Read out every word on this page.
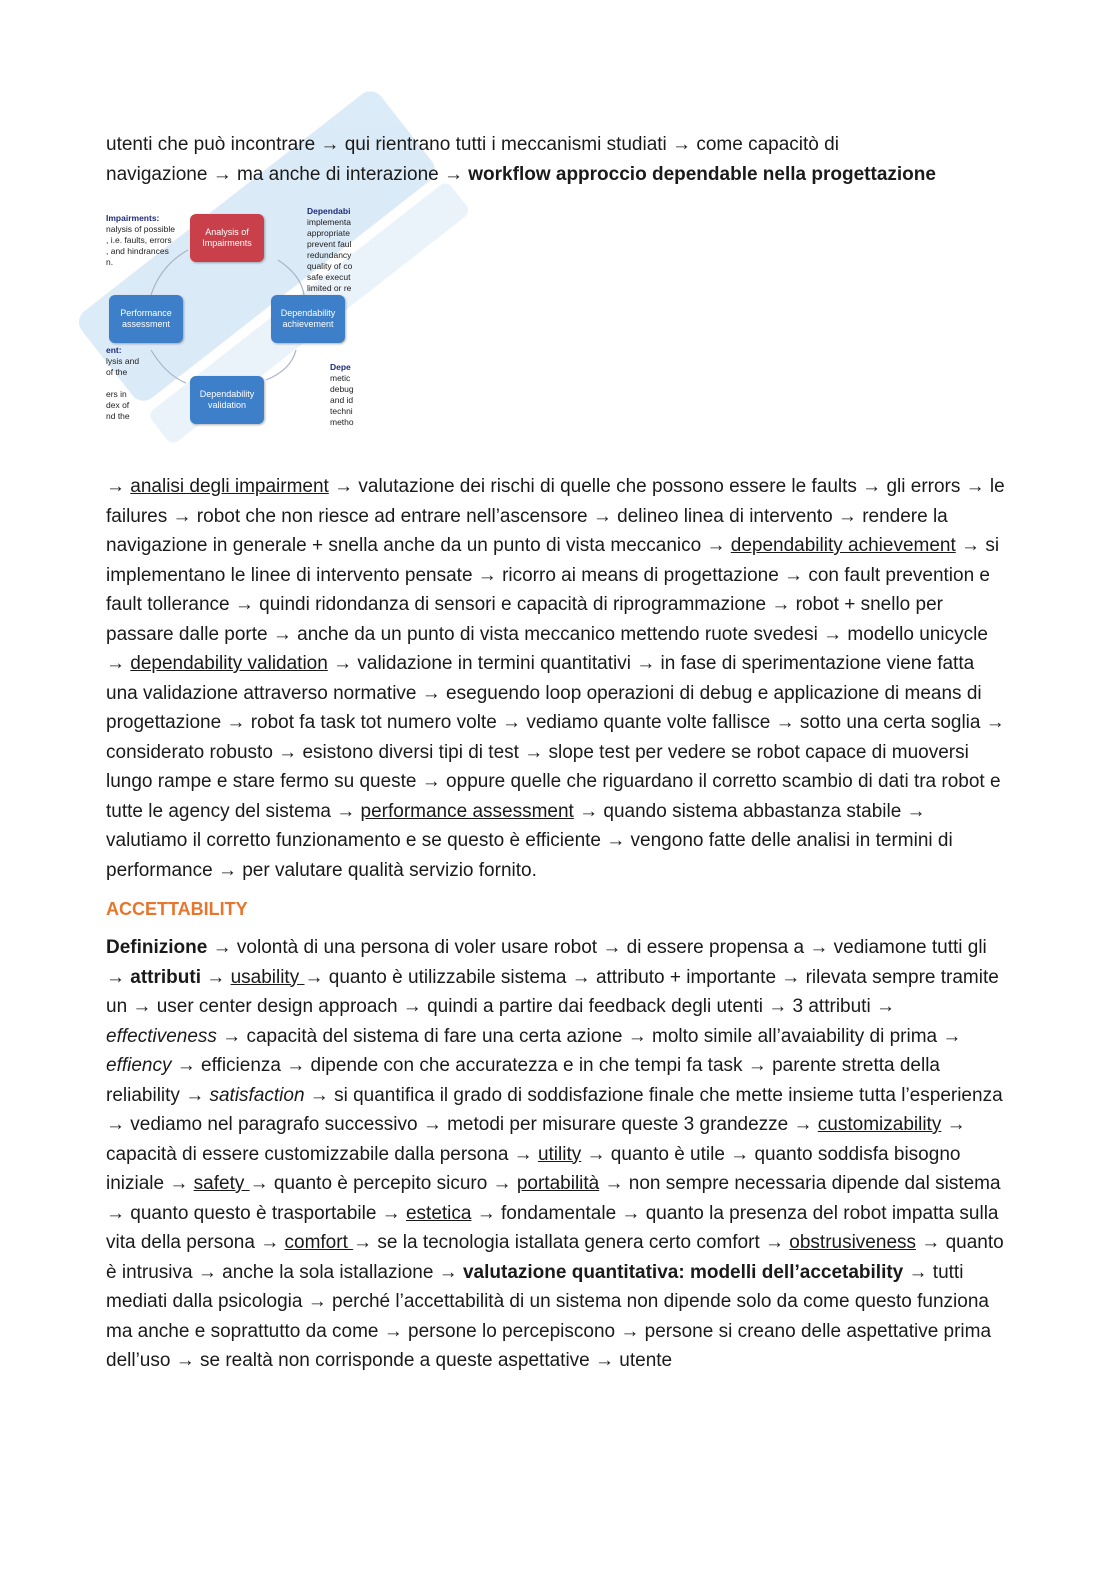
utenti che può incontrare → qui rientrano tutti i meccanismi studiati → come capacitò di

navigazione → ma anche di interazione → workflow approccio dependable nella progettazione

Analysis of
Impairments
Performance
assessment
Dependability
achievement
Dependability
validation
Impairments:
nalysis of possible
, i.e. faults, errors
, and hindrances
n.
Dependabi
implementa
appropriate
prevent faul
redundancy
quality of co
safe execut
limited or re
ent:
lysis and
of the
ers in
dex of
nd the
Depe
metic
debug
and id
techni
metho

→ analisi degli impairment → valutazione dei rischi di quelle che possono essere le faults → gli errors → le failures → robot che non riesce ad entrare nell’ascensore → delineo linea di intervento → rendere la navigazione in generale + snella anche da un punto di vista meccanico → dependability achievement → si implementano le linee di intervento pensate → ricorro ai means di progettazione → con fault prevention e fault tollerance → quindi ridondanza di sensori e capacità di riprogrammazione → robot + snello per passare dalle porte → anche da un punto di vista meccanico mettendo ruote svedesi → modello unicycle → dependability validation → validazione in termini quantitativi → in fase di sperimentazione viene fatta una validazione attraverso normative → eseguendo loop operazioni di debug e applicazione di means di progettazione → robot fa task tot numero volte → vediamo quante volte fallisce → sotto una certa soglia → considerato robusto → esistono diversi tipi di test → slope test per vedere se robot capace di muoversi lungo rampe e stare fermo su queste → oppure quelle che riguardano il corretto scambio di dati tra robot e tutte le agency del sistema → performance assessment → quando sistema abbastanza stabile → valutiamo il corretto funzionamento e se questo è efficiente → vengono fatte delle analisi in termini di performance → per valutare qualità servizio fornito.

ACCETTABILITY

Definizione → volontà di una persona di voler usare robot → di essere propensa a → vediamone tutti gli → attributi → usability → quanto è utilizzabile sistema → attributo + importante → rilevata sempre tramite un → user center design approach → quindi a partire dai feedback degli utenti → 3 attributi → effectiveness → capacità del sistema di fare una certa azione → molto simile all’avaiability di prima → effiency → efficienza → dipende con che accuratezza e in che tempi fa task → parente stretta della reliability → satisfaction → si quantifica il grado di soddisfazione finale che mette insieme tutta l’esperienza → vediamo nel paragrafo successivo → metodi per misurare queste 3 grandezze → customizability → capacità di essere customizzabile dalla persona → utility → quanto è utile → quanto soddisfa bisogno iniziale → safety → quanto è percepito sicuro → portabilità → non sempre necessaria dipende dal sistema → quanto questo è trasportabile → estetica → fondamentale → quanto la presenza del robot impatta sulla vita della persona → comfort → se la tecnologia istallata genera certo comfort → obstrusiveness → quanto è intrusiva → anche la sola istallazione → valutazione quantitativa: modelli dell’accetability → tutti mediati dalla psicologia → perché l’accettabilità di un sistema non dipende solo da come questo funziona ma anche e soprattutto da come → persone lo percepiscono → persone si creano delle aspettative prima dell’uso → se realtà non corrisponde a queste aspettative → utente
